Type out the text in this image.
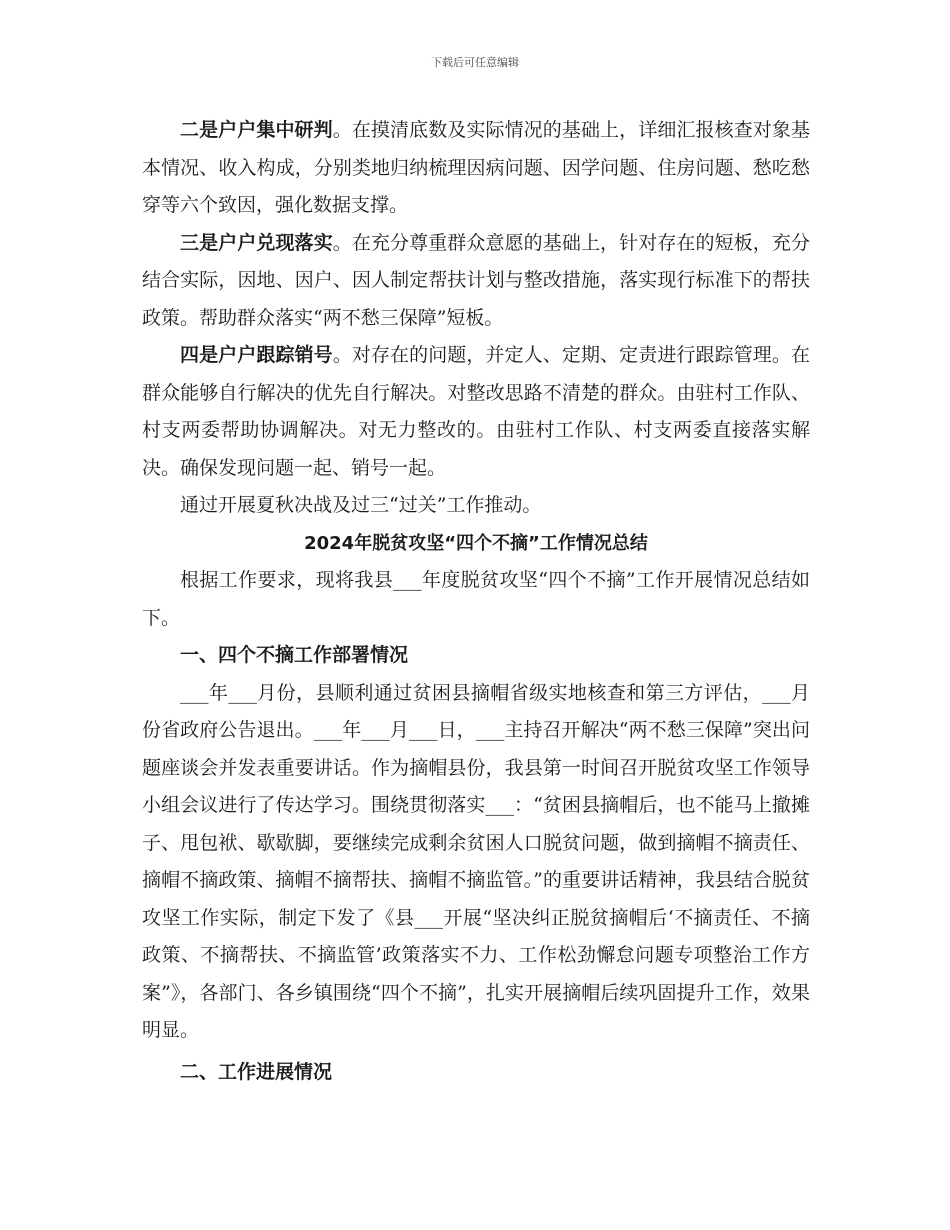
下载后可任意编辑

二是户户集中研判。在摸清底数及实际情况的基础上，详细汇报核查对象基本情况、收入构成，分别类地归纳梳理因病问题、因学问题、住房问题、愁吃愁穿等六个致因，强化数据支撑。

三是户户兑现落实。在充分尊重群众意愿的基础上，针对存在的短板，充分结合实际，因地、因户、因人制定帮扶计划与整改措施，落实现行标准下的帮扶政策。帮助群众落实“两不愁三保障”短板。

四是户户跟踪销号。对存在的问题，并定人、定期、定责进行跟踪管理。在群众能够自行解决的优先自行解决。对整改思路不清楚的群众。由驻村工作队、村支两委帮助协调解决。对无力整改的。由驻村工作队、村支两委直接落实解决。确保发现问题一起、销号一起。

通过开展夏秋决战及过三“过关”工作推动。

2024年脱贫攻坚“四个不摘”工作情况总结

根据工作要求，现将我县___年度脱贫攻坚“四个不摘”工作开展情况总结如下。

一、四个不摘工作部署情况

___年___月份，县顺利通过贫困县摘帽省级实地核查和第三方评估，___月份省政府公告退出。___年___月___日，___主持召开解决“两不愁三保障”突出问题座谈会并发表重要讲话。作为摘帽县份，我县第一时间召开脱贫攻坚工作领导小组会议进行了传达学习。围绕贯彻落实___：“贫困县摘帽后，也不能马上撤摊子、甩包袱、歇歇脚，要继续完成剩余贫困人口脱贫问题，做到摘帽不摘责任、摘帽不摘政策、摘帽不摘帮扶、摘帽不摘监管。”的重要讲话精神，我县结合脱贫攻坚工作实际，制定下发了《县___开展“坚决纠正脱贫摘帽后‘不摘责任、不摘政策、不摘帮扶、不摘监管’政策落实不力、工作松劲懈怠问题专项整治工作方案”》，各部门、各乡镇围绕“四个不摘”，扎实开展摘帽后续巩固提升工作，效果明显。

二、工作进展情况
